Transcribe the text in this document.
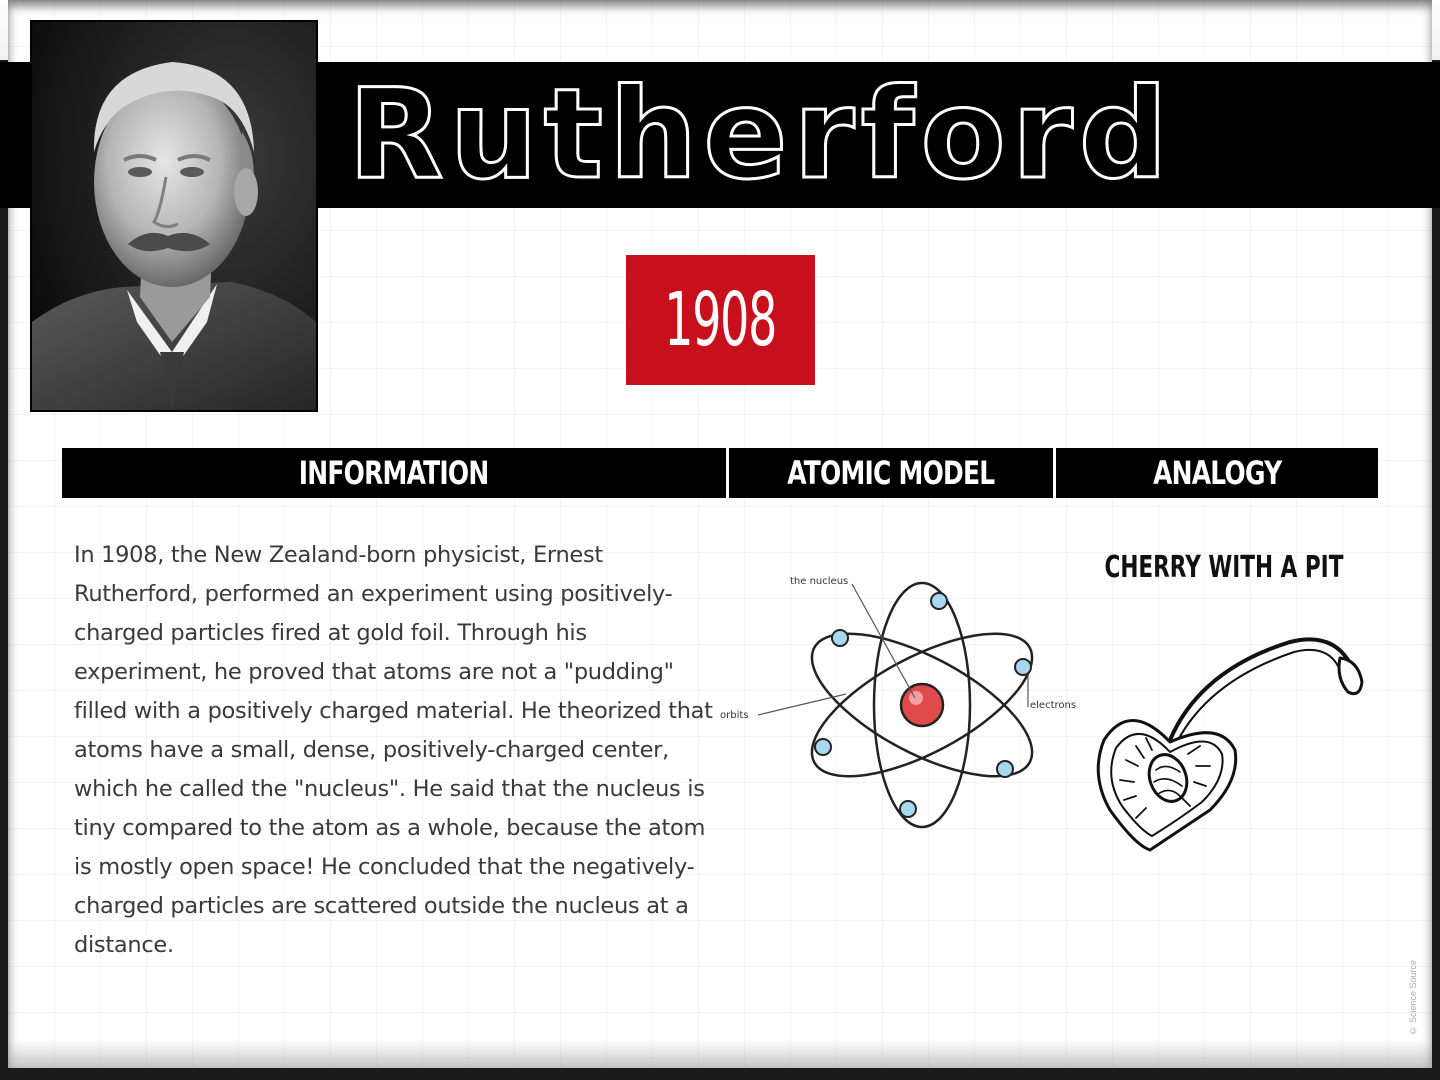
Rutherford
1908
INFORMATION	ATOMIC MODEL	ANALOGY
In 1908, the New Zealand-born physicist, Ernest Rutherford, performed an experiment using positively-charged particles fired at gold foil. Through his experiment, he proved that atoms are not a "pudding" filled with a positively charged material. He theorized that atoms have a small, dense, positively-charged center, which he called the "nucleus". He said that the nucleus is tiny compared to the atom as a whole, because the atom is mostly open space! He concluded that the negatively-charged particles are scattered outside the nucleus at a distance.
the nucleus
orbits
electrons
CHERRY WITH A PIT
© Science Source
